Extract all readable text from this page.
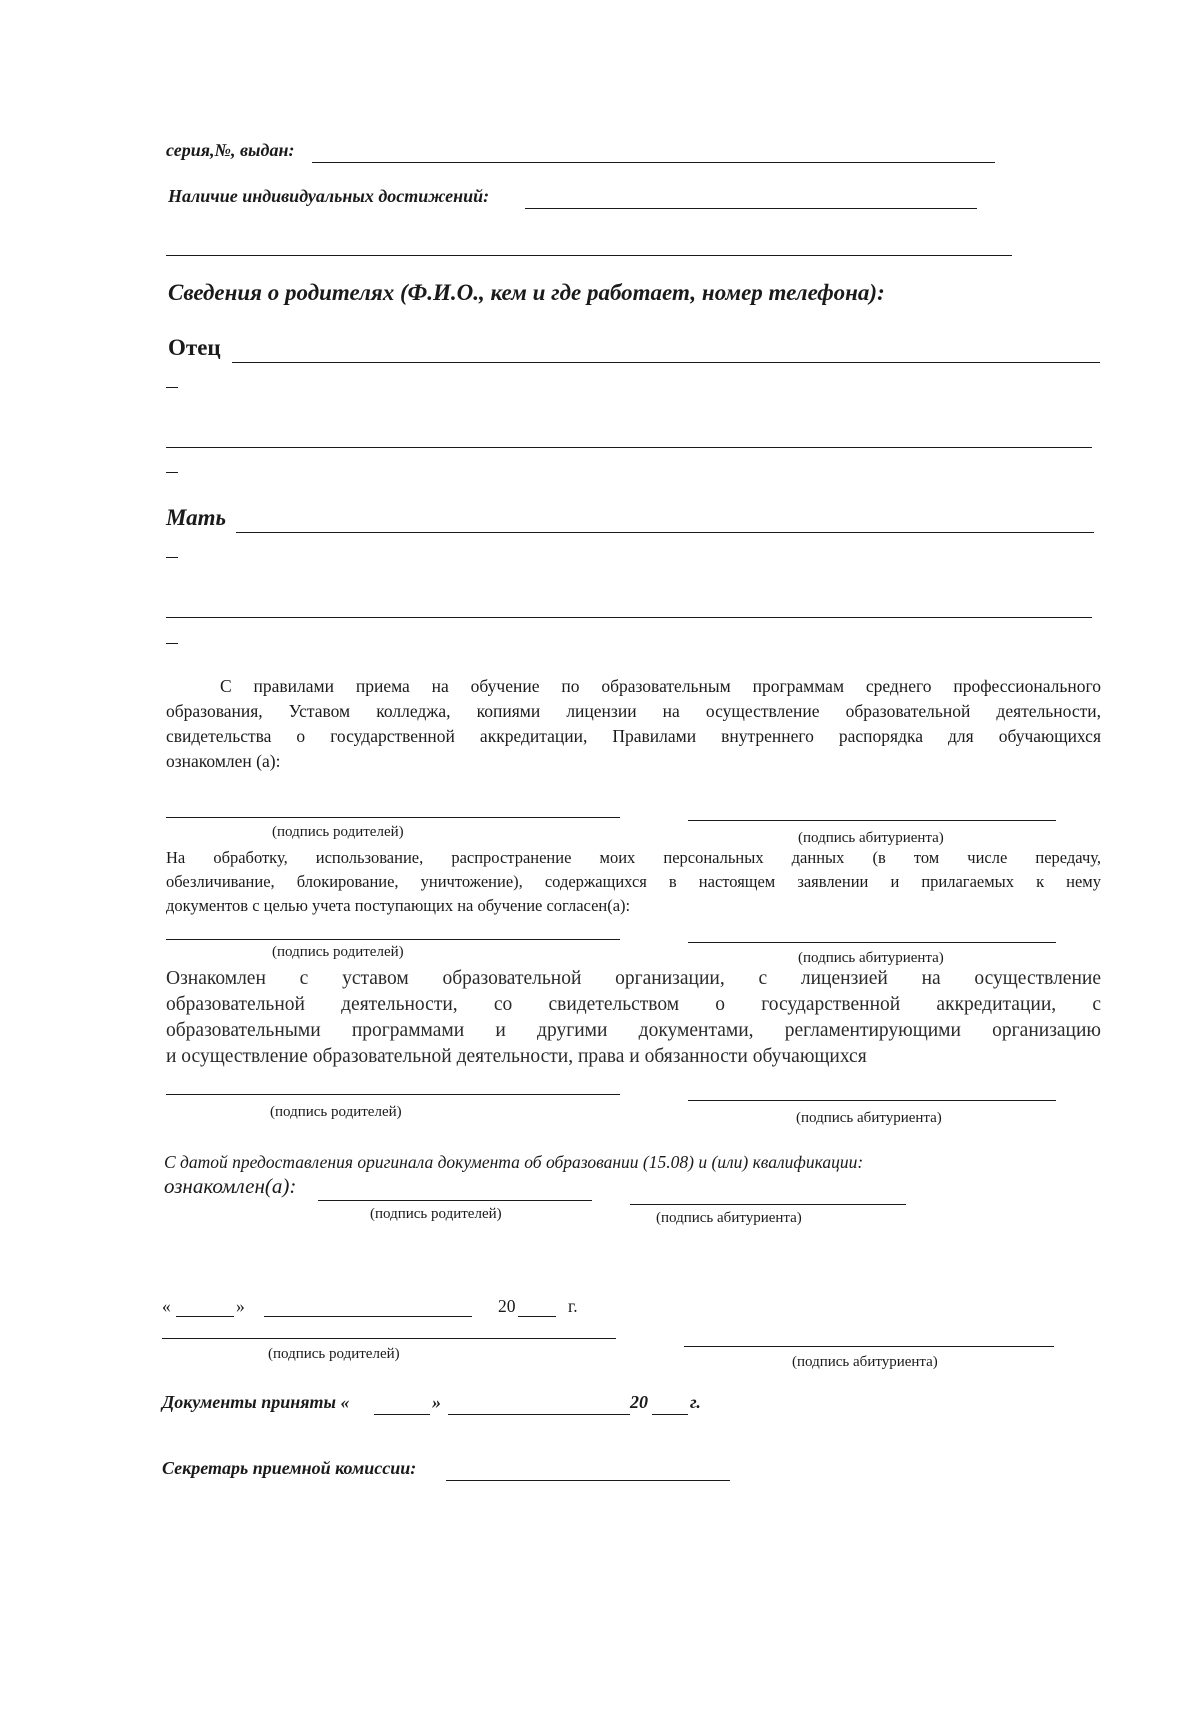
серия,№, выдан:
Наличие индивидуальных достижений:
Сведения о родителях (Ф.И.О., кем и где работает, номер телефона):
Отец
Мать
С правилами приема на обучение по образовательным программам среднего профессионального
образования, Уставом колледжа, копиями лицензии на осуществление образовательной деятельности,
свидетельства о государственной аккредитации, Правилами внутреннего распорядка для обучающихся
ознакомлен (а):
(подпись родителей)	(подпись абитуриента)
На обработку, использование, распространение моих персональных данных (в том числе передачу,
обезличивание, блокирование, уничтожение), содержащихся в настоящем заявлении и прилагаемых к нему
документов с целью учета поступающих на обучение согласен(а):
(подпись родителей)	(подпись абитуриента)
Ознакомлен с уставом образовательной организации, с лицензией на осуществление
образовательной деятельности, со свидетельством о государственной аккредитации, с
образовательными программами и другими документами, регламентирующими организацию
и осуществление образовательной деятельности, права и обязанности обучающихся
(подпись родителей)	(подпись абитуриента)
С датой предоставления оригинала документа об образовании (15.08) и (или) квалификации:
ознакомлен(а):
(подпись родителей)	(подпись абитуриента)
«	»	20	г.
(подпись родителей)	(подпись абитуриента)
Документы приняты «	»	20 г.
Секретарь приемной комиссии:
